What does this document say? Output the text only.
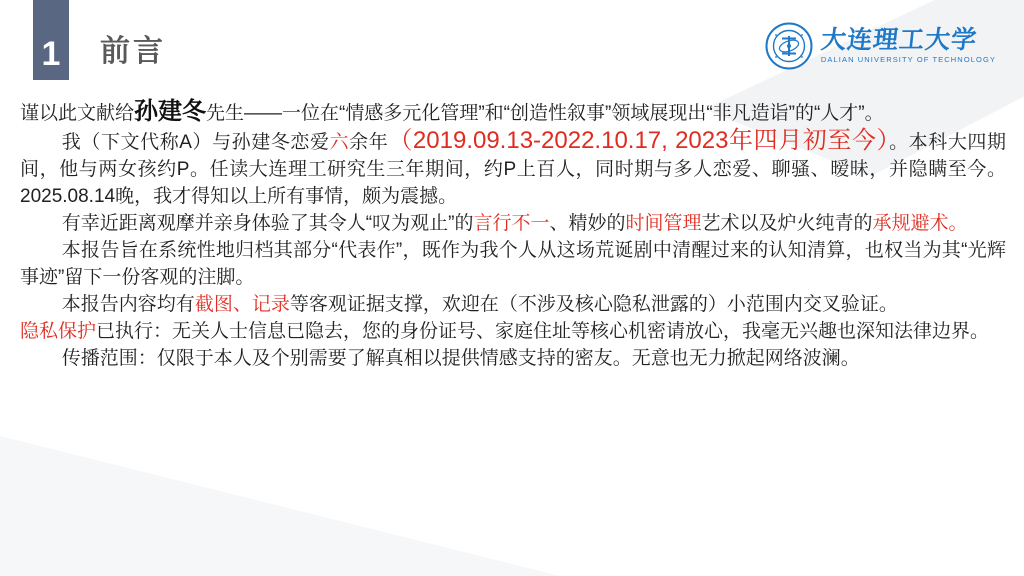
1 前言	大连理工大学
DALIAN UNIVERSITY OF TECHNOLOGY

谨以此文献给孙建冬先生——一位在“情感多元化管理”和“创造性叙事”领域展现出“非凡造诣”的“人才”。

我（下文代称A）与孙建冬恋爱六余年（2019.09.13-2022.10.17, 2023年四月初至今）。本科大四期间，他与两女孩约P。任读大连理工研究生三年期间，约P上百人，同时期与多人恋爱、聊骚、暧昧，并隐瞒至今。2025.08.14晚，我才得知以上所有事情，颇为震撼。

有幸近距离观摩并亲身体验了其令人“叹为观止”的言行不一、精妙的时间管理艺术以及炉火纯青的承规避术。

本报告旨在系统性地归档其部分“代表作”，既作为我个人从这场荒诞剧中清醒过来的认知清算，也权当为其“光辉事迹”留下一份客观的注脚。

本报告内容均有截图、记录等客观证据支撑，欢迎在（不涉及核心隐私泄露的）小范围内交叉验证。

隐私保护已执行：无关人士信息已隐去，您的身份证号、家庭住址等核心机密请放心，我毫无兴趣也深知法律边界。

传播范围：仅限于本人及个别需要了解真相以提供情感支持的密友。无意也无力掀起网络波澜。
